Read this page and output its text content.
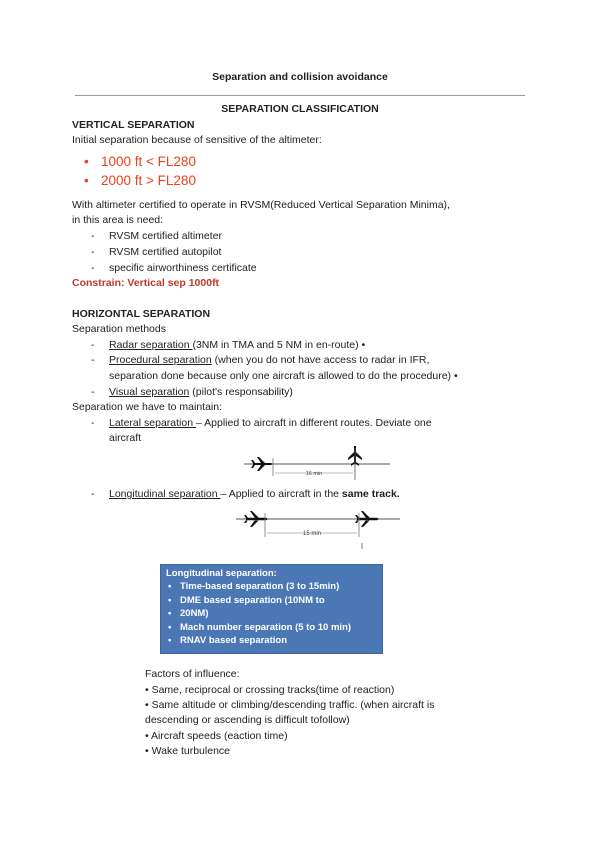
Separation and collision avoidance
SEPARATION CLASSIFICATION
VERTICAL SEPARATION
Initial separation because of sensitive of the altimeter:
• 1000 ft < FL280
• 2000 ft > FL280
With altimeter certified to operate in RVSM(Reduced Vertical Separation Minima),
in this area is need:
- RVSM certified altimeter
- RVSM certified autopilot
- specific airworthiness certificate
Constrain: Vertical sep 1000ft
HORIZONTAL SEPARATION
Separation methods
- Radar separation (3NM in TMA and 5 NM in en-route) •
- Procedural separation (when you do not have access to radar in IFR,
separation done because only one aircraft is allowed to do the procedure) •
- Visual separation (pilot's responsability)
Separation we have to maintain:
- Lateral separation – Applied to aircraft in different routes. Deviate one
aircraft
16 min
- Longitudinal separation – Applied to aircraft in the same track.
15 min
Longitudinal separation:
• Time-based separation (3 to 15min)
• DME based separation (10NM to
• 20NM)
• Mach number separation (5 to 10 min)
• RNAV based separation
Factors of influence:
• Same, reciprocal or crossing tracks(time of reaction)
• Same altitude or climbing/descending traffic. (when aircraft is
descending or ascending is difficult tofollow)
• Aircraft speeds (eaction time)
• Wake turbulence
